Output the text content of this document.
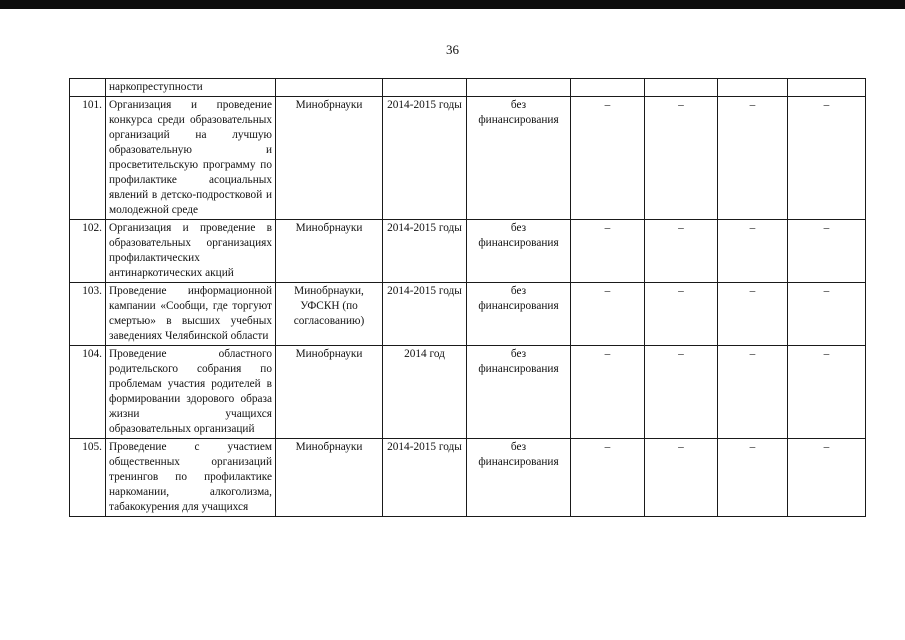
36
	наркопреступности							
101.	Организация и проведение конкурса среди образовательных организаций на лучшую образовательную и просветительскую программу по профилактике асоциальных явлений в детско-подростковой и молодежной среде	Минобрнауки	2014-2015 годы	без финансирования	–	–	–	–
102.	Организация и проведение в образовательных организациях профилактических антинаркотических акций	Минобрнауки	2014-2015 годы	без финансирования	–	–	–	–
103.	Проведение информационной кампании «Сообщи, где торгуют смертью» в высших учебных заведениях Челябинской области	Минобрнауки, УФСКН (по согласованию)	2014-2015 годы	без финансирования	–	–	–	–
104.	Проведение областного родительского собрания по проблемам участия родителей в формировании здорового образа жизни учащихся образовательных организаций	Минобрнауки	2014 год	без финансирования	–	–	–	–
105.	Проведение с участием общественных организаций тренингов по профилактике наркомании, алкоголизма, табакокурения для учащихся	Минобрнауки	2014-2015 годы	без финансирования	–	–	–	–
